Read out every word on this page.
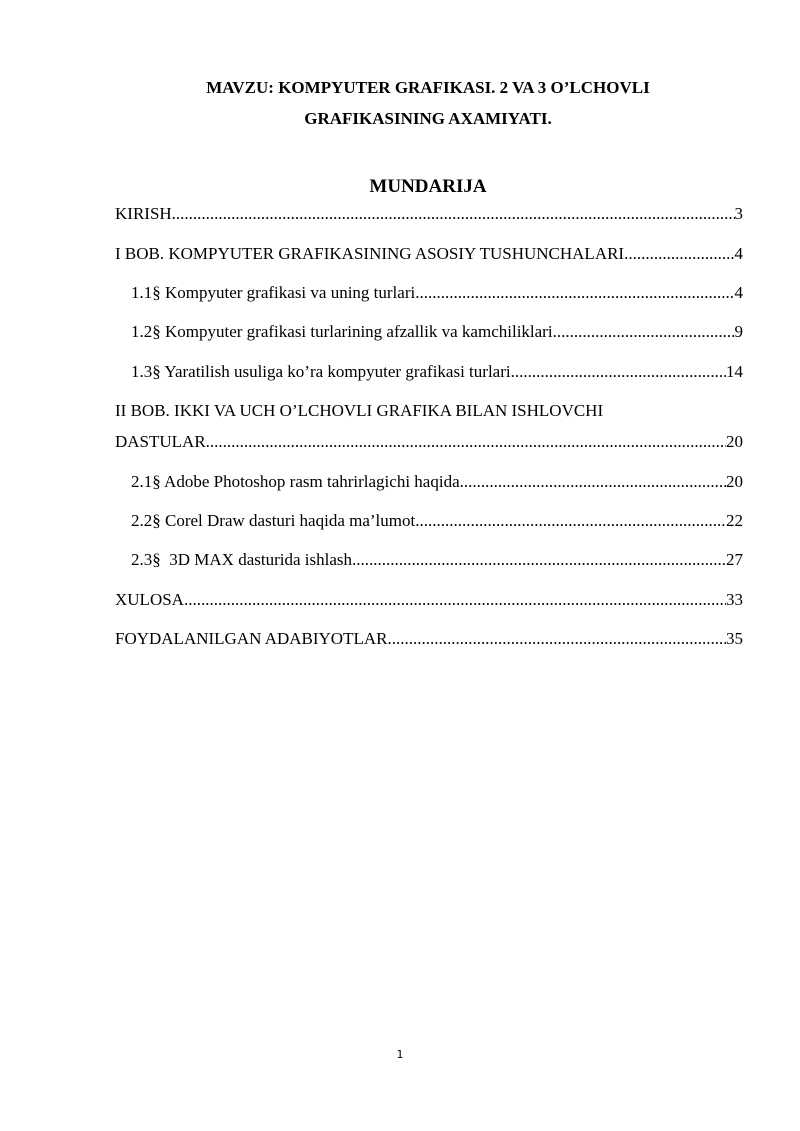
MAVZU: KOMPYUTER GRAFIKASI. 2 VA 3 O’LCHOVLI
GRAFIKASINING AXAMIYATI.
MUNDARIJA
KIRISH .....	3
I BOB. KOMPYUTER GRAFIKASINING ASOSIY TUSHUNCHALARI .....	4
1.1§ Kompyuter grafikasi va uning turlari .....	4
1.2§ Kompyuter grafikasi turlarining afzallik va kamchiliklari .....	9
1.3§ Yaratilish usuliga ko’ra kompyuter grafikasi turlari .....	14
II BOB. IKKI VA UCH O’LCHOVLI GRAFIKA BILAN ISHLOVCHI
DASTULAR .....	20
2.1§ Adobe Photoshop rasm tahrirlagichi haqida .....	20
2.2§ Corel Draw dasturi haqida ma’lumot .....	22
2.3§  3D MAX dasturida ishlash .....	27
XULOSA .....	33
FOYDALANILGAN ADABIYOTLAR .....	35
1
